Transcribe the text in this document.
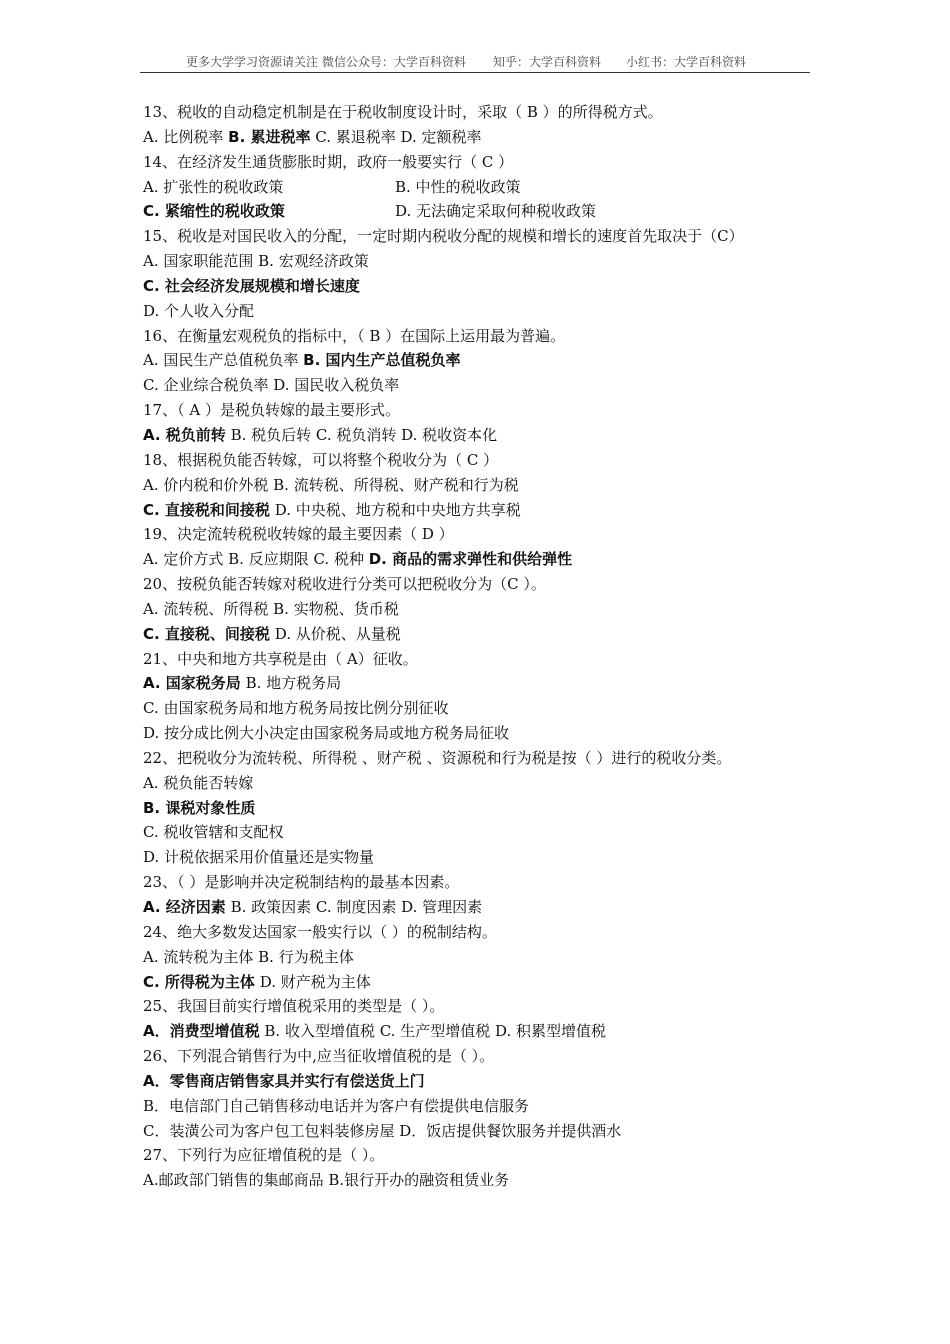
更多大学学习资源请关注 微信公众号：大学百科资料 知乎：大学百科资料 小红书：大学百科资料
13、税收的自动稳定机制是在于税收制度设计时，采取（ B ）的所得税方式。
A. 比例税率 B. 累进税率 C. 累退税率 D. 定额税率
14、在经济发生通货膨胀时期，政府一般要实行（ C ）
A. 扩张性的税收政策	B. 中性的税收政策
C. 紧缩性的税收政策	D. 无法确定采取何种税收政策
15、税收是对国民收入的分配，一定时期内税收分配的规模和增长的速度首先取决于（C）
A. 国家职能范围 B. 宏观经济政策
C. 社会经济发展规模和增长速度
D. 个人收入分配
16、在衡量宏观税负的指标中，（ B ）在国际上运用最为普遍。
A. 国民生产总值税负率 B. 国内生产总值税负率
C. 企业综合税负率 D. 国民收入税负率
17、（ A ）是税负转嫁的最主要形式。
A. 税负前转 B. 税负后转 C. 税负消转 D. 税收资本化
18、根据税负能否转嫁，可以将整个税收分为（ C ）
A. 价内税和价外税 B. 流转税、所得税、财产税和行为税
C. 直接税和间接税 D. 中央税、地方税和中央地方共享税
19、决定流转税税收转嫁的最主要因素（ D ）
A. 定价方式 B. 反应期限 C. 税种 D. 商品的需求弹性和供给弹性
20、按税负能否转嫁对税收进行分类可以把税收分为（C ）。
A. 流转税、所得税 B. 实物税、货币税
C. 直接税、间接税 D. 从价税、从量税
21、中央和地方共享税是由（ A）征收。
A. 国家税务局 B. 地方税务局
C. 由国家税务局和地方税务局按比例分别征收
D. 按分成比例大小决定由国家税务局或地方税务局征收
22、把税收分为流转税、所得税 、财产税 、资源税和行为税是按（ ）进行的税收分类。
A. 税负能否转嫁
B. 课税对象性质
C. 税收管辖和支配权
D. 计税依据采用价值量还是实物量
23、（ ）是影响并决定税制结构的最基本因素。
A. 经济因素 B. 政策因素 C. 制度因素 D. 管理因素
24、绝大多数发达国家一般实行以（ ）的税制结构。
A. 流转税为主体 B. 行为税主体
C. 所得税为主体 D. 财产税为主体
25、我国目前实行增值税采用的类型是（ ）。
A．消费型增值税 B. 收入型增值税 C. 生产型增值税 D. 积累型增值税
26、下列混合销售行为中,应当征收增值税的是（ ）。
A．零售商店销售家具并实行有偿送货上门
B．电信部门自己销售移动电话并为客户有偿提供电信服务
C．装潢公司为客户包工包料装修房屋 D．饭店提供餐饮服务并提供酒水
27、下列行为应征增值税的是（ ）。
A.邮政部门销售的集邮商品 B.银行开办的融资租赁业务
